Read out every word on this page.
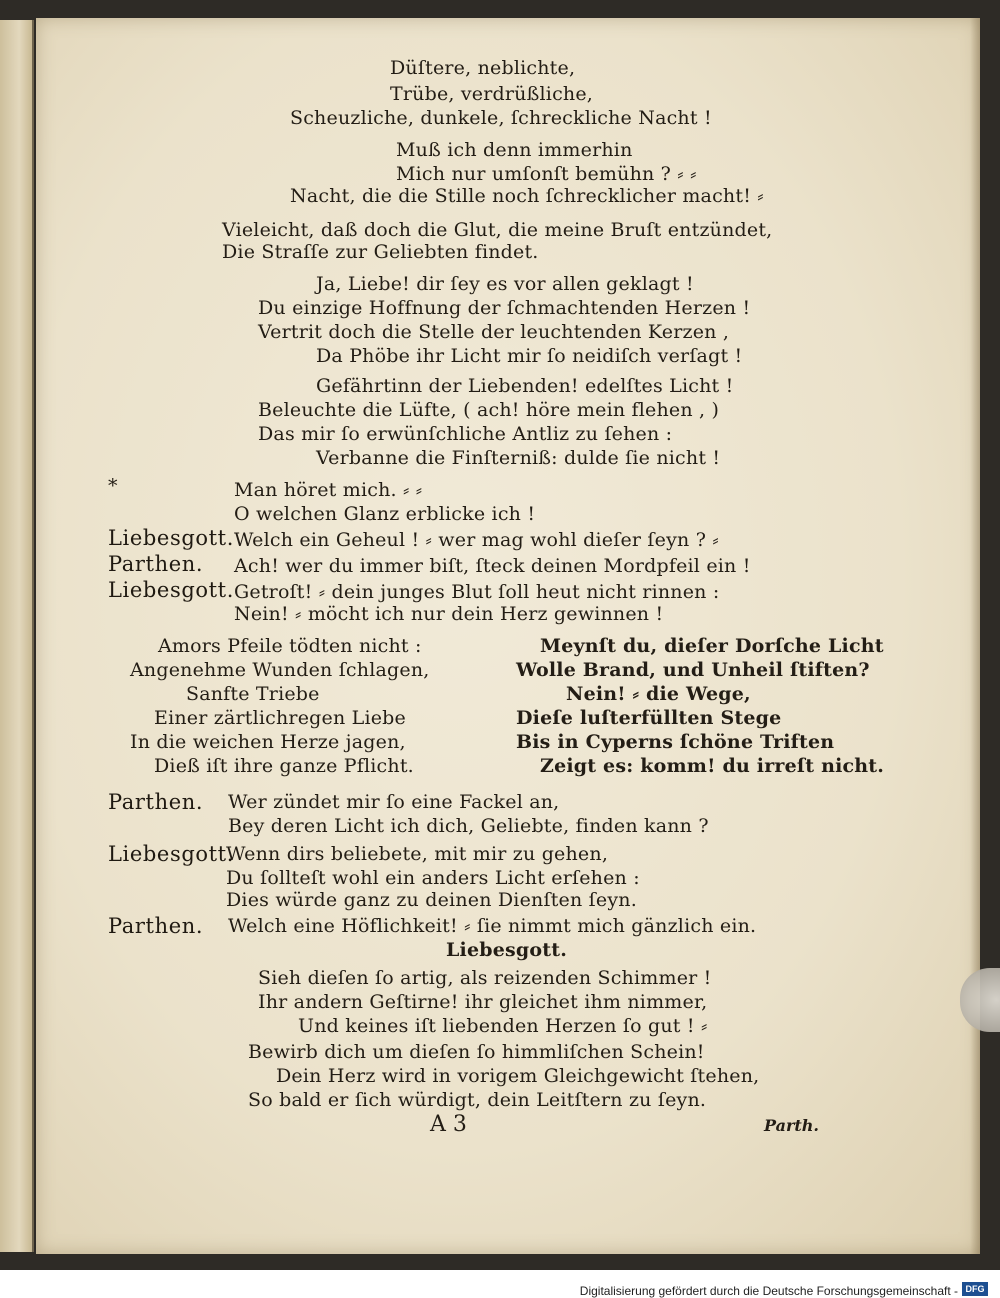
Düſtere, neblichte,

Trübe, verdrüßliche,

Scheuzliche, dunkele, ſchreckliche Nacht !

Muß ich denn immerhin

Mich nur umſonſt bemühn ? ⸗ ⸗

Nacht, die die Stille noch ſchrecklicher macht! ⸗

Vieleicht, daß doch die Glut, die meine Bruſt entzündet,

Die Straſſe zur Geliebten findet.

Ja, Liebe! dir ſey es vor allen geklagt !

Du einzige Hoffnung der ſchmachtenden Herzen !

Vertrit doch die Stelle der leuchtenden Kerzen ,

Da Phöbe ihr Licht mir ſo neidiſch verſagt !

Gefährtinn der Liebenden! edelſtes Licht !

Beleuchte die Lüfte, ( ach! höre mein flehen , )

Das mir ſo erwünſchliche Antliz zu ſehen :

Verbanne die Finſterniß: dulde ſie nicht !

*	Man höret mich. ⸗ ⸗

O welchen Glanz erblicke ich !

Welch ein Geheul ! ⸗ wer mag wohl dieſer ſeyn ? ⸗

Ach! wer du immer biſt, ſteck deinen Mordpfeil ein !

Getroſt! ⸗ dein junges Blut ſoll heut nicht rinnen :

Nein! ⸗ möcht ich nur dein Herz gewinnen !

Liebesgott.

Parthen.

Liebesgott.

Amors Pfeile tödten nicht :

Angenehme Wunden ſchlagen,

Sanfte Triebe

Einer zärtlichregen Liebe

In die weichen Herze jagen,

Dieß iſt ihre ganze Pflicht.

Meynſt du, dieſer Dorſche Licht

Wolle Brand, und Unheil ſtiften?

Nein! ⸗ die Wege,

Dieſe luſterfüllten Stege

Bis in Cyperns ſchöne Triften

Zeigt es: komm! du irreſt nicht.

Parthen.

Liebesgott.

Parthen.

Wer zündet mir ſo eine Fackel an,

Bey deren Licht ich dich, Geliebte, finden kann ?

Wenn dirs beliebete, mit mir zu gehen,

Du ſollteſt wohl ein anders Licht erſehen :

Dies würde ganz zu deinen Dienſten ſeyn.

Welch eine Höflichkeit! ⸗ ſie nimmt mich gänzlich ein.

Liebesgott.

Sieh dieſen ſo artig, als reizenden Schimmer !

Ihr andern Geſtirne! ihr gleichet ihm nimmer,

Und keines iſt liebenden Herzen ſo gut ! ⸗

Bewirb dich um dieſen ſo himmliſchen Schein!

Dein Herz wird in vorigem Gleichgewicht ſtehen,

So bald er ſich würdigt, dein Leitſtern zu ſeyn.

A 3	Parth.

Digitalisierung gefördert durch die Deutsche Forschungsgemeinschaft - DFG
